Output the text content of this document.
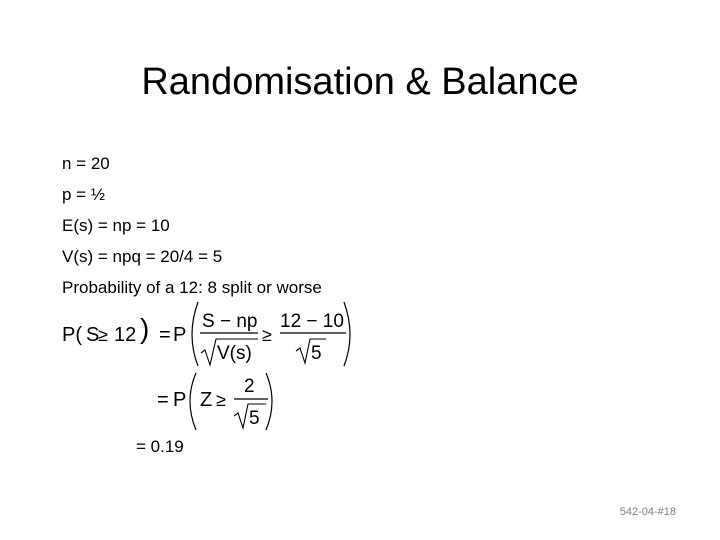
Randomisation & Balance
n = 20
p = ½
E(s) = np = 10
V(s) = npq = 20/4 = 5
Probability of a 12: 8 split or worse
P( S
≥ 12 ) = P
S − np
V(s)
≥
12 − 10
5
= P Z ≥
2
5
= 0.19
542-04-#18
